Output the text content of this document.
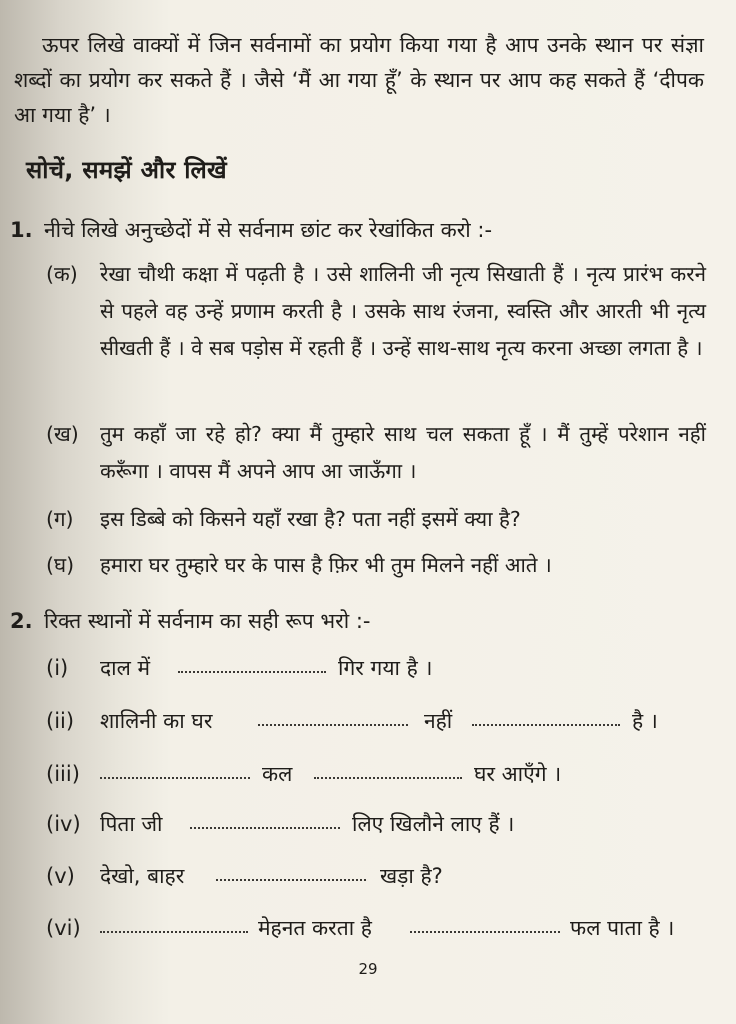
ऊपर लिखे वाक्यों में जिन सर्वनामों का प्रयोग किया गया है आप उनके स्थान पर संज्ञा शब्दों का प्रयोग कर सकते हैं । जैसे ‘मैं आ गया हूँ’ के स्थान पर आप कह सकते हैं ‘दीपक आ गया है’ ।
सोचें, समझें और लिखें
1. नीचे लिखे अनुच्छेदों में से सर्वनाम छांट कर रेखांकित करो :-
(क)	रेखा चौथी कक्षा में पढ़ती है । उसे शालिनी जी नृत्य सिखाती हैं । नृत्य प्रारंभ करने से पहले वह उन्हें प्रणाम करती है । उसके साथ रंजना, स्वस्ति और आरती भी नृत्य सीखती हैं । वे सब पड़ोस में रहती हैं । उन्हें साथ-साथ नृत्य करना अच्छा लगता है ।
(ख)	तुम कहाँ जा रहे हो? क्या मैं तुम्हारे साथ चल सकता हूँ । मैं तुम्हें परेशान नहीं करूँगा । वापस मैं अपने आप आ जाऊँगा ।
(ग)	इस डिब्बे को किसने यहाँ रखा है? पता नहीं इसमें क्या है?
(घ)	हमारा घर तुम्हारे घर के पास है फ़िर भी तुम मिलने नहीं आते ।
2. रिक्त स्थानों में सर्वनाम का सही रूप भरो :-
(i) दाल में	गिर गया है ।
(ii) शालिनी का घर	नहीं	है ।
(iii)	कल	घर आएँगे ।
(iv) पिता जी	लिए खिलौने लाए हैं ।
(v) देखो, बाहर	खड़ा है?
(vi)	मेहनत करता है	फल पाता है ।
29
